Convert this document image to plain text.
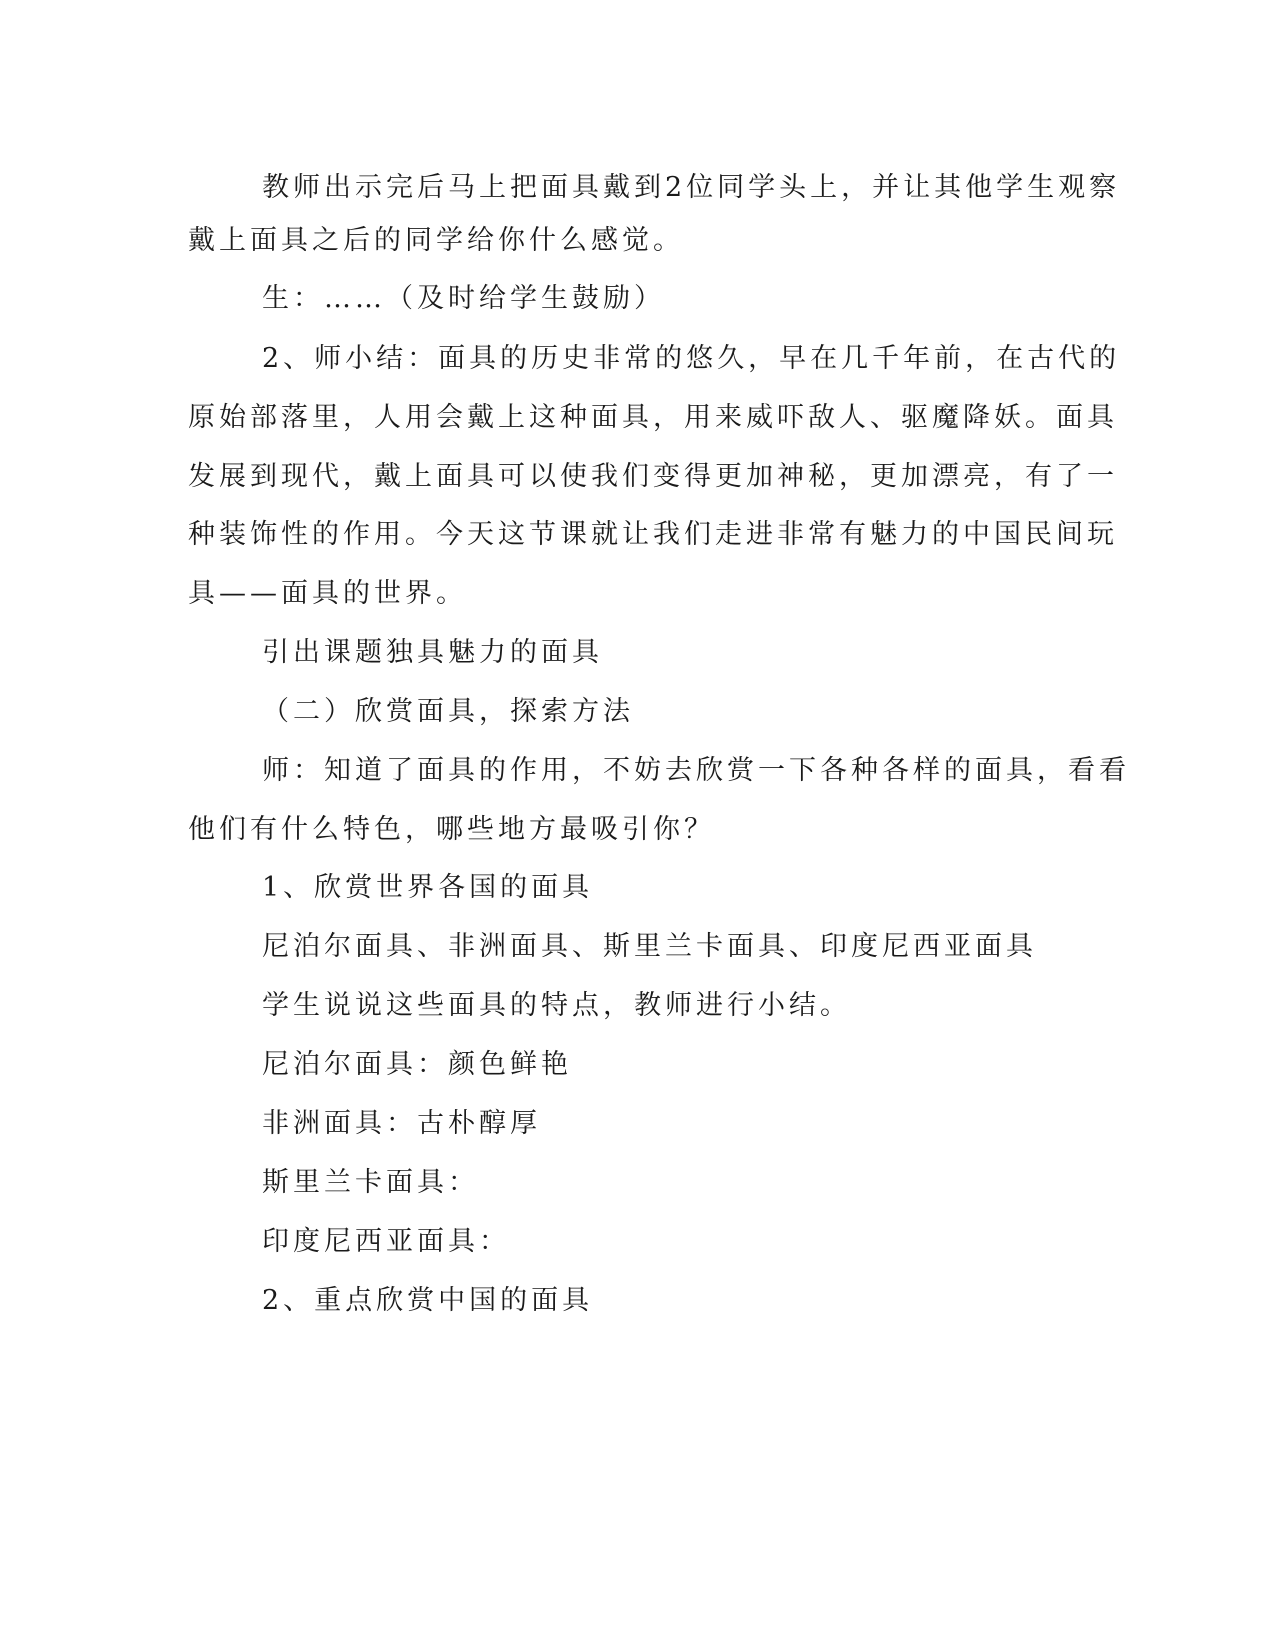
教师出示完后马上把面具戴到2位同学头上，并让其他学生观察
戴上面具之后的同学给你什么感觉。
生：……（及时给学生鼓励）
2、师小结：面具的历史非常的悠久，早在几千年前，在古代的
原始部落里，人用会戴上这种面具，用来威吓敌人、驱魔降妖。面具
发展到现代，戴上面具可以使我们变得更加神秘，更加漂亮，有了一
种装饰性的作用。今天这节课就让我们走进非常有魅力的中国民间玩
具——面具的世界。
引出课题独具魅力的面具
（二）欣赏面具，探索方法
师：知道了面具的作用，不妨去欣赏一下各种各样的面具，看看
他们有什么特色，哪些地方最吸引你？
1、欣赏世界各国的面具
尼泊尔面具、非洲面具、斯里兰卡面具、印度尼西亚面具
学生说说这些面具的特点，教师进行小结。
尼泊尔面具：颜色鲜艳
非洲面具：古朴醇厚
斯里兰卡面具：
印度尼西亚面具：
2、重点欣赏中国的面具
